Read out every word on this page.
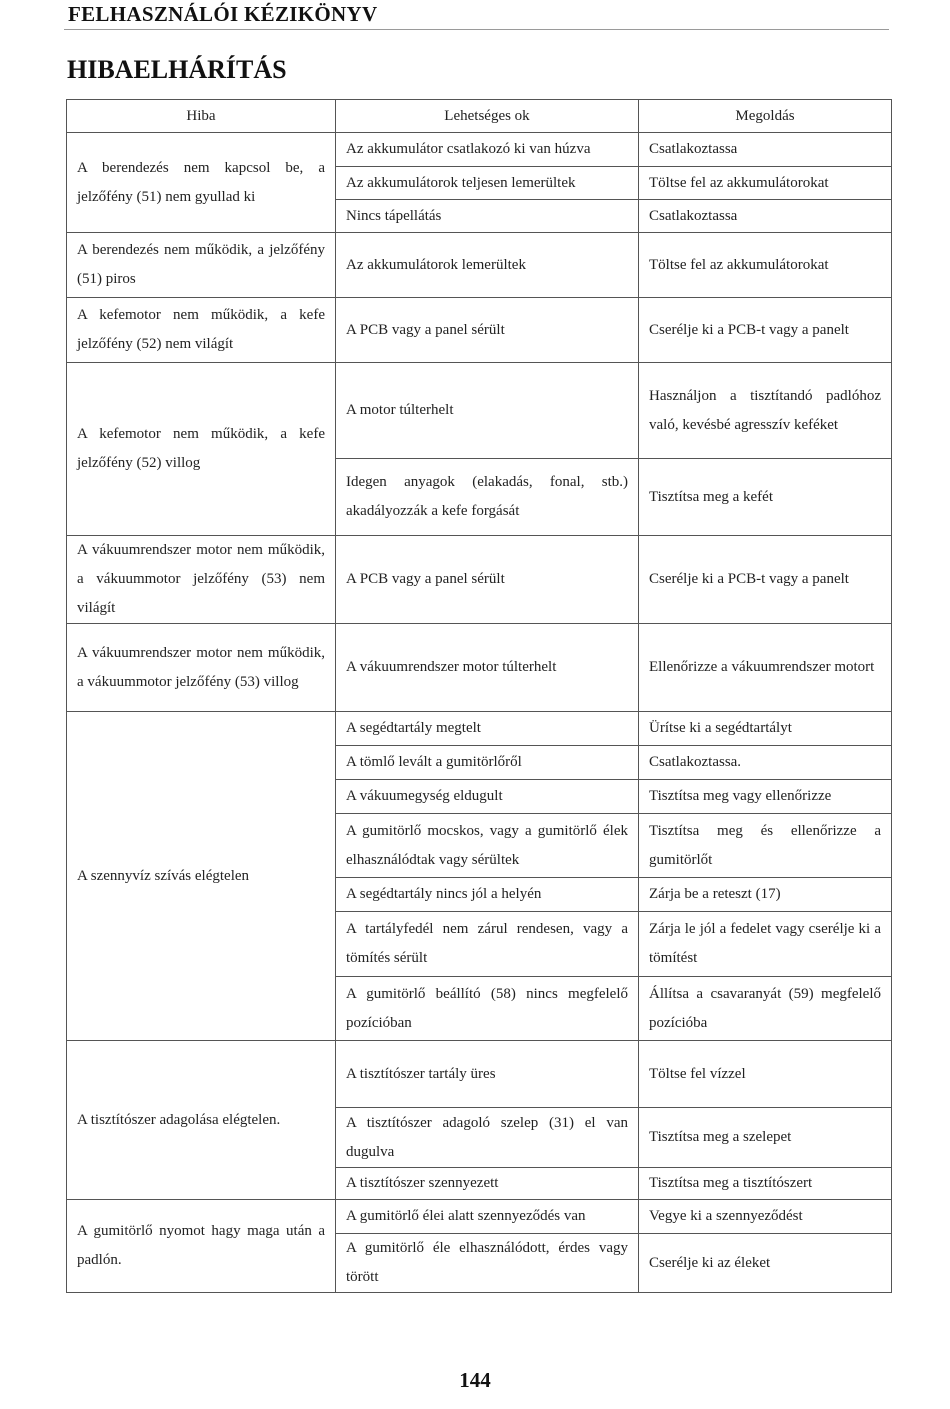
FELHASZNÁLÓI KÉZIKÖNYV
HIBAELHÁRÍTÁS
Hiba	Lehetséges ok	Megoldás
A berendezés nem kapcsol be, a jelzőfény (51) nem gyullad ki	Az akkumulátor csatlakozó ki van húzva	Csatlakoztassa
	Az akkumulátorok teljesen lemerültek	Töltse fel az akkumulátorokat
	Nincs tápellátás	Csatlakoztassa
A berendezés nem működik, a jelzőfény (51) piros	Az akkumulátorok lemerültek	Töltse fel az akkumulátorokat
A kefemotor nem működik, a kefe jelzőfény (52) nem világít	A PCB vagy a panel sérült	Cserélje ki a PCB-t vagy a panelt
A kefemotor nem működik, a kefe jelzőfény (52) villog	A motor túlterhelt	Használjon a tisztítandó padlóhoz való, kevésbé agresszív keféket
	Idegen anyagok (elakadás, fonal, stb.) akadályozzák a kefe forgását	Tisztítsa meg a kefét
A vákuumrendszer motor nem működik, a vákuummotor jelzőfény (53) nem világít	A PCB vagy a panel sérült	Cserélje ki a PCB-t vagy a panelt
A vákuumrendszer motor nem működik, a vákuummotor jelzőfény (53) villog	A vákuumrendszer motor túlterhelt	Ellenőrizze a vákuumrendszer motort
A szennyvíz szívás elégtelen	A segédtartály megtelt	Ürítse ki a segédtartályt
	A tömlő levált a gumitörlőről	Csatlakoztassa.
	A vákuumegység eldugult	Tisztítsa meg vagy ellenőrizze
	A gumitörlő mocskos, vagy a gumitörlő élek elhasználódtak vagy sérültek	Tisztítsa meg és ellenőrizze a gumitörlőt
	A segédtartály nincs jól a helyén	Zárja be a reteszt (17)
	A tartályfedél nem zárul rendesen, vagy a tömítés sérült	Zárja le jól a fedelet vagy cserélje ki a tömítést
	A gumitörlő beállító (58) nincs megfelelő pozícióban	Állítsa a csavaranyát (59) megfelelő pozícióba
A tisztítószer adagolása elégtelen.	A tisztítószer tartály üres	Töltse fel vízzel
	A tisztítószer adagoló szelep (31) el van dugulva	Tisztítsa meg a szelepet
	A tisztítószer szennyezett	Tisztítsa meg a tisztítószert
A gumitörlő nyomot hagy maga után a padlón.	A gumitörlő élei alatt szennyeződés van	Vegye ki a szennyeződést
	A gumitörlő éle elhasználódott, érdes vagy törött	Cserélje ki az éleket
144
